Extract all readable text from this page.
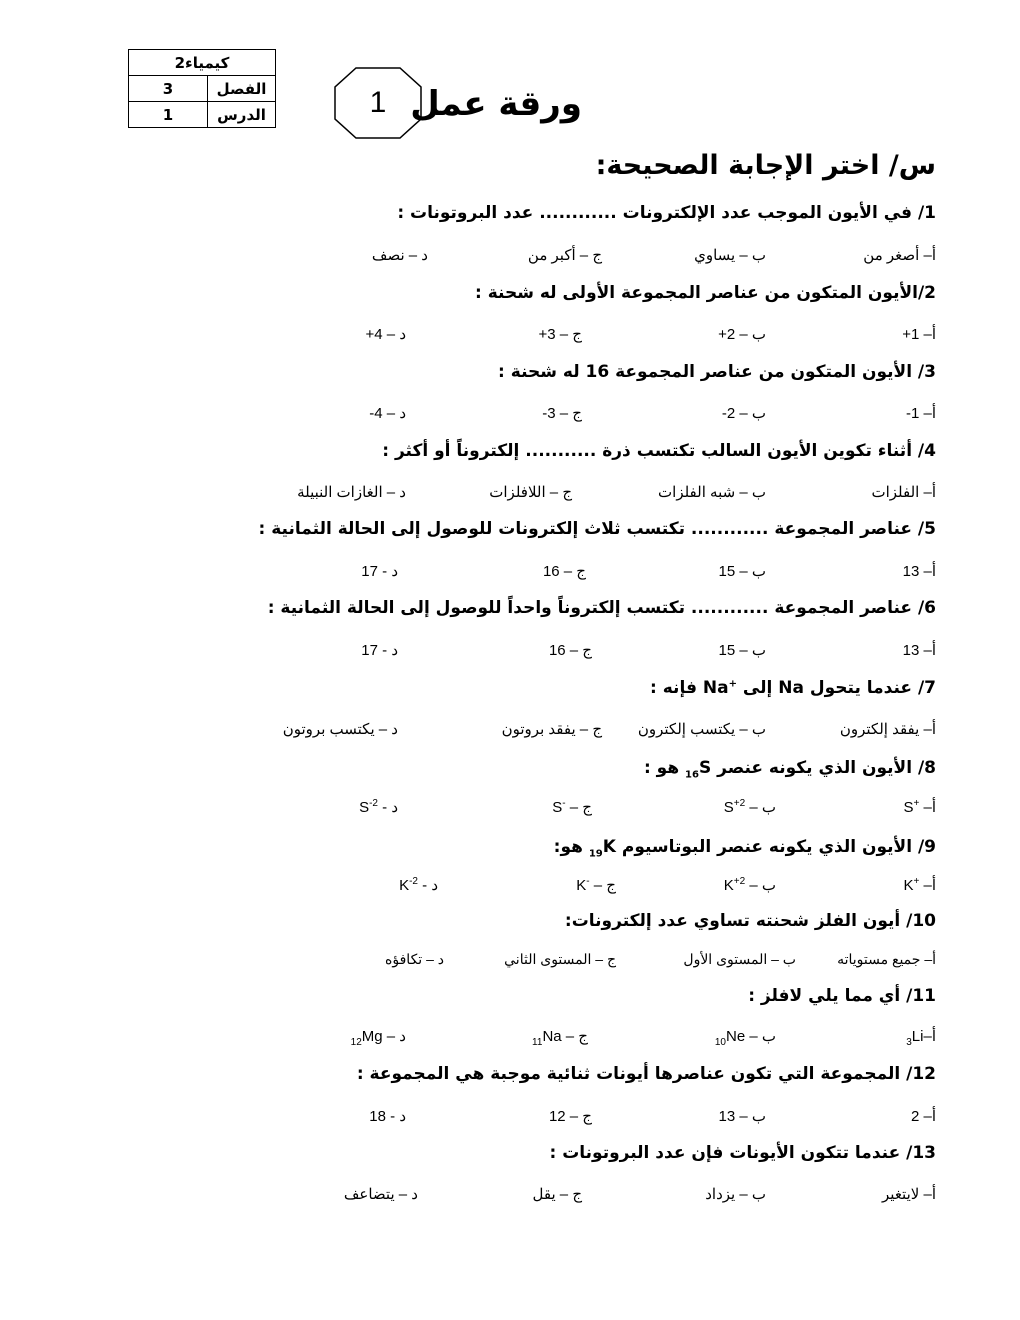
كيمياء2	
3	الفصل
1	الدرس	1 ورقة عمل
س/ اختر الإجابة الصحيحة:
1/ في الأيون الموجب عدد الإلكترونات ............ عدد البروتونات :
أ– أصغر من
ب – يساوي
ج – أكبر من
د – نصف
2/الأيون المتكون من عناصر المجموعة الأولى له شحنة :
أ– 1+
ب – 2+
ج – 3+
د – 4+
3/ الأيون المتكون من عناصر المجموعة 16 له شحنة :
أ– 1-
ب – 2-
ج – 3-
د – 4-
4/ أثناء تكوين الأيون السالب تكتسب ذرة ........... إلكتروناً أو أكثر :
أ– الفلزات
ب – شبه الفلزات
ج – اللافلزات
د – الغازات النبيلة
5/ عناصر المجموعة ............ تكتسب ثلاث إلكترونات للوصول إلى الحالة الثمانية :
أ– 13
ب – 15
ج – 16
د - 17
6/ عناصر المجموعة ............ تكتسب إلكتروناً واحداً للوصول إلى الحالة الثمانية :
أ– 13
ب – 15
ج – 16
د - 17
7/ عندما يتحول Na إلى Na+ فإنه :
أ– يفقد إلكترون
ب – يكتسب إلكترون
ج – يفقد بروتون
د – يكتسب بروتون
8/ الأيون الذي يكونه عنصر $_{16}$S هو :
أ– S+
ب – $S^{+2}$
ج – S-
د - $S^{-2}$
9/ الأيون الذي يكونه عنصر البوتاسيوم $_{19}$K هو:
أ– K+
ب – $K^{+2}$
ج – K-
د - $K^{-2}$
10/ أيون الفلز شحنته تساوي عدد إلكترونات:
أ– جميع مستوياته
ب – المستوى الأول
ج – المستوى الثاني
د – تكافؤه
11/ أي مما يلي لافلز :
$أ-_3Li$
ب – $_{10}$Ne
ج – $_{11}$Na
د – $_{12}$Mg
12/ المجموعة التي تكون عناصرها أيونات ثنائية موجبة هي المجموعة :
أ– 2
ب – 13
ج – 12
د - 18
13/ عندما تتكون الأيونات فإن عدد البروتونات :
أ– لايتغير
ب – يزداد
ج – يقل
د – يتضاعف
